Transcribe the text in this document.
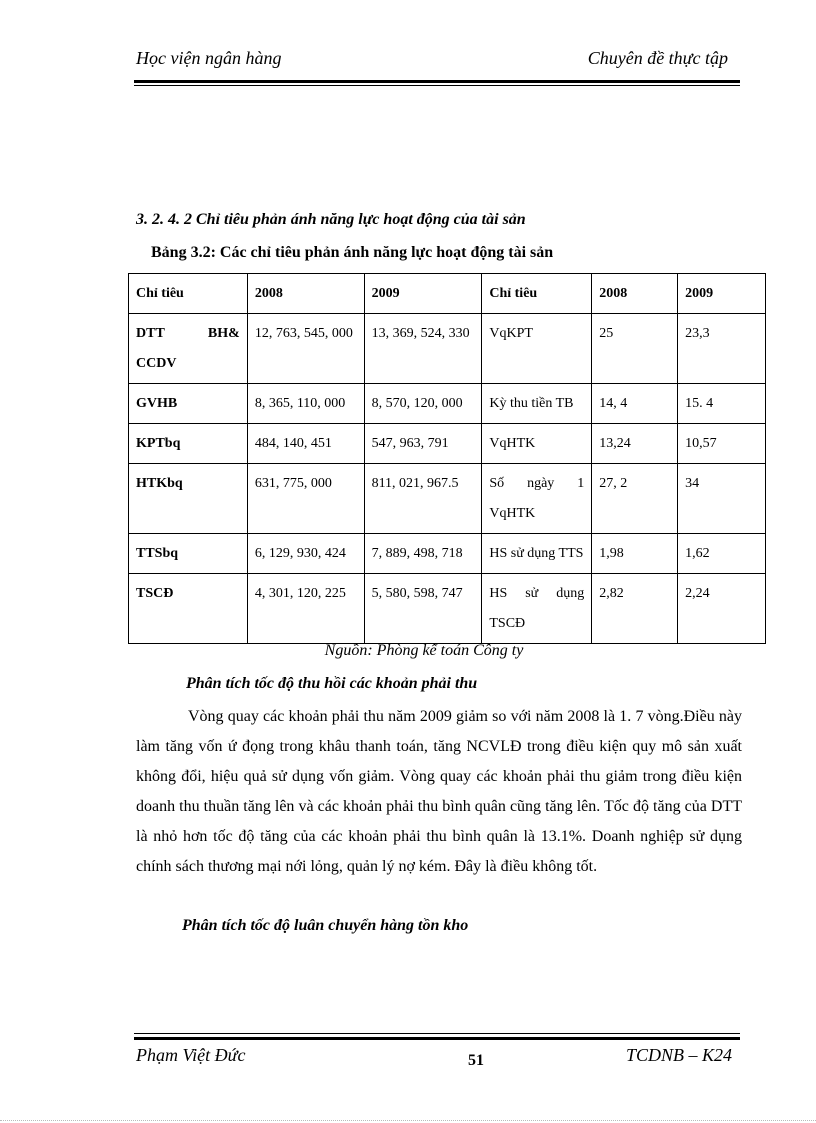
Học viện ngân hàng	Chuyên đề thực tập
3. 2. 4. 2 Chỉ tiêu phản ánh năng lực hoạt động của tài sản
Bảng 3.2: Các chỉ tiêu phản ánh năng lực hoạt động tài sản
Chỉ tiêu	2008	2009	Chỉ tiêu	2008	2009
DTT BH& CCDV	12, 763, 545, 000	13, 369, 524, 330	VqKPT	25	23,3
GVHB	8, 365, 110, 000	8, 570, 120, 000	Kỳ thu tiền TB	14, 4	15. 4
KPTbq	484, 140, 451	547, 963, 791	VqHTK	13,24	10,57
HTKbq	631, 775, 000	811, 021, 967.5	Số ngày 1 VqHTK	27, 2	34
TTSbq	6, 129, 930, 424	7, 889, 498, 718	HS sử dụng TTS	1,98	1,62
TSCĐ	4, 301, 120, 225	5, 580, 598, 747	HS sử dụng TSCĐ	2,82	2,24
Nguồn: Phòng kế toán Công ty
Phân tích tốc độ thu hồi các khoản phải thu
Vòng quay các khoản phải thu năm 2009 giảm so với năm 2008 là 1. 7 vòng.Điều này làm tăng vốn ứ đọng trong khâu thanh toán, tăng NCVLĐ trong điều kiện quy mô sản xuất không đổi, hiệu quả sử dụng vốn giảm. Vòng quay các khoản phải thu giảm trong điều kiện doanh thu thuần tăng lên và các khoản phải thu bình quân cũng tăng lên. Tốc độ tăng của DTT là nhỏ hơn tốc độ tăng của các khoản phải thu bình quân là 13.1%. Doanh nghiệp sử dụng chính sách thương mại nới lỏng, quản lý nợ kém. Đây là điều không tốt.
Phân tích tốc độ luân chuyển hàng tồn kho
Phạm Việt Đức	51	TCDNB – K24
